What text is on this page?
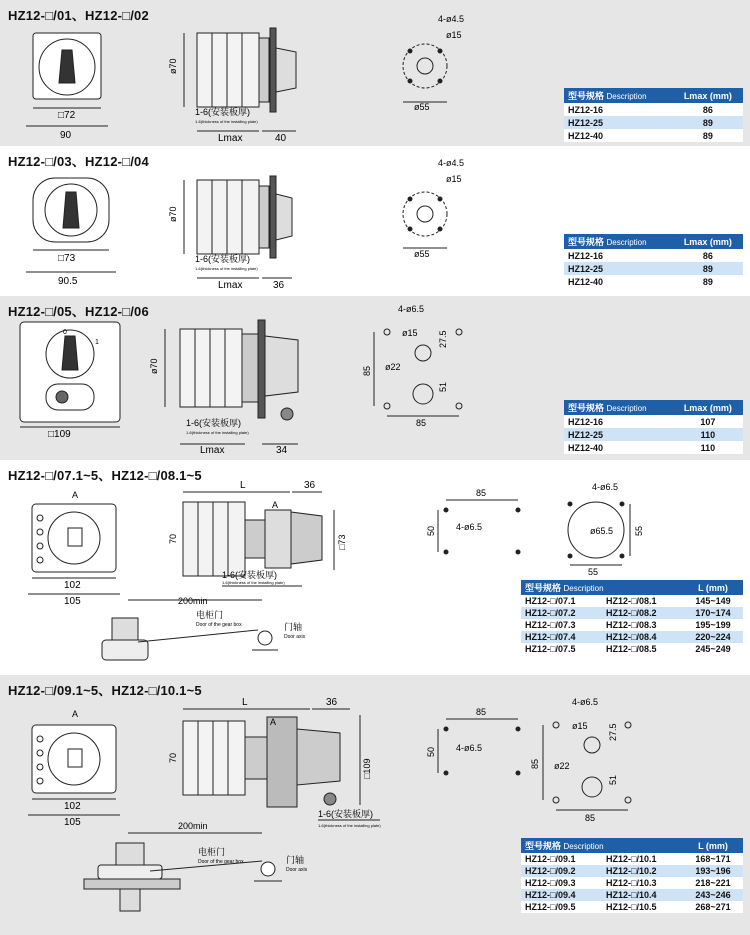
HZ12-□/01、HZ12-□/02
□72
90
ø70
1-6(安装板厚)
1-6(thickness of the installing plate)
Lmax	40
4-ø4.5
ø15
ø55
型号规格 Description	Lmax (mm)
HZ12-16	86
HZ12-25	89
HZ12-40	89
HZ12-□/03、HZ12-□/04
□73
90.5
ø70
1-6(安装板厚)
1-6(thickness of the installing plate)
Lmax	36
4-ø4.5
ø15
ø55
型号规格 Description	Lmax (mm)
HZ12-16	86
HZ12-25	89
HZ12-40	89
HZ12-□/05、HZ12-□/06
□109
0
1
ø70
1-6(安装板厚)
1-6(thickness of the installing plate)
Lmax	34
4-ø6.5
ø15
ø22
27.5
51
85
85
型号规格 Description	Lmax (mm)
HZ12-16	107
HZ12-25	110
HZ12-40	110
HZ12-□/07.1~5、HZ12-□/08.1~5
A
102
105
L	36
A
70	□73
1-6(安装板厚)
1-6(thickness of the installing plate)
200min
电柜门
Door of the gear box	门轴
Door axis
85
50 4-ø6.5
4-ø6.5
ø65.5 55
55
型号规格 Description		L (mm)
HZ12-□/07.1	HZ12-□/08.1	145~149
HZ12-□/07.2	HZ12-□/08.2	170~174
HZ12-□/07.3	HZ12-□/08.3	195~199
HZ12-□/07.4	HZ12-□/08.4	220~224
HZ12-□/07.5	HZ12-□/08.5	245~249
HZ12-□/09.1~5、HZ12-□/10.1~5
A
102
105
L	36
A
70
□109
1-6(安装板厚)
1-6(thickness of the installing plate)
200min
电柜门
Door of the gear box	门轴
Door axis
85
50 4-ø6.5
4-ø6.5
ø15
ø22
27.5
51
85
85
型号规格 Description		L (mm)
HZ12-□/09.1	HZ12-□/10.1	168~171
HZ12-□/09.2	HZ12-□/10.2	193~196
HZ12-□/09.3	HZ12-□/10.3	218~221
HZ12-□/09.4	HZ12-□/10.4	243~246
HZ12-□/09.5	HZ12-□/10.5	268~271
